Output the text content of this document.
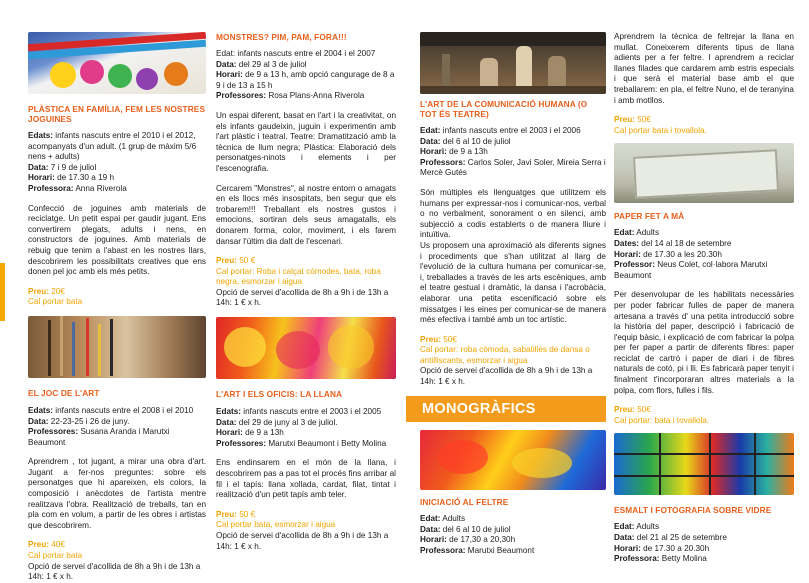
PLÀSTICA EN FAMÍLIA, FEM LES NOSTRES JOGUINES
Edats: infants nascuts entre el 2010 i el 2012, acompanyats d'un adult. (1 grup de màxim 5/6 nens + adults)
Data: 7 i 9 de juliol
Horari: de 17.30 a 19 h
Professora: Anna Riverola
Confecció de joguines amb materials de reciclatge. Un petit espai per gaudir jugant. Ens convertirem plegats, adults i nens, en constructors de joguines. Amb materials de rebuig que tenim a l'abast en les nostres llars, descobrirem les possibilitats creatives que ens donen pel joc amb els més petits.
Preu: 20€
Cal portar bata
EL JOC DE L'ART
Edats: infants nascuts entre el 2008 i el 2010
Data: 22-23-25 i 26 de juny.
Professores: Susana Aranda i Marutxi Beaumont
Aprendrem , tot jugant, a mirar una obra d'art. Jugant a fer-nos preguntes: sobre els personatges que hi apareixen, els colors, la composició i anècdotes de l'artista mentre realitzava l'obra. Realització de treballs, tan en pla com en volum, a partir de les obres i artistas que descobrirem.
Preu: 40€
Cal portar bata
Opció de servei d'acollida de 8h a 9h i de 13h a 14h: 1 € x h.
MONSTRES? PIM, PAM, FORA!!!
Edat: infants nascuts entre el 2004 i el 2007
Data: del 29 al 3 de juliol
Horari: de 9 a 13 h, amb opció cangurage de 8 a 9 i de 13 a 15 h
Professores: Rosa Plans-Anna Riverola
Un espai diferent, basat en l'art i la creativitat, on els infants gaudeixin, juguin i experimentin amb l'art plàstic i teatral. Teatre: Dramatització amb la tècnica de llum negra; Plàstica: Elaboració dels personatges-ninots i elements i per l'escenografia.
Cercarem "Monstres", al nostre entorn o amagats en els llocs més insospitats, ben segur que els trobarem!!! Treballant els nostres gustos i emocions, sortiran dels seus amagatalls, els donarem forma, color, moviment, i els farem dansar l'últim dia dalt de l'escenari.
Preu: 50 €
Cal portar: Roba i calçat còmodes, bata, roba negra, esmorzar i aigua
Opció de servei d'acollida de 8h a 9h i de 13h a 14h: 1 € x h.
L'ART I ELS OFICIS: LA LLANA
Edats: infants nascuts entre el 2003 i el 2005
Data: del 29 de juny al 3 de juliol.
Horari: de 9 a 13h
Professores: Marutxi Beaumont i Betty Molina
Ens endinsarem en el món de la llana, i descobrirem pas a pas tot el procés fins arribar al fil i el tapís: llana xollada, cardat, filat, tintat i realització d'un petit tapís amb teler.
Preu: 50 €
Cal portar bata, esmorzar i aigua
Opció de servei d'acollida de 8h a 9h i de 13h a 14h: 1 € x h.
L'ART DE LA COMUNICACIÓ HUMANA (O TOT ÉS TEATRE)
Edat: infants nascuts entre el 2003 i el 2006
Data: del 6 al 10 de juliol
Horari: de 9 a 13h
Professors: Carlos Soler, Javi Soler, Mireia Serra i Mercè Gutés
Són múltiples els llenguatges que utilitzem els humans per expressar-nos i comunicar-nos, verbal o no verbalment, sonorament o en silenci, amb subjecció a codis establerts o de manera lliure i intuïtiva.
Us proposem una aproximació als diferents signes i procediments que s'han utilitzat al llarg de l'evolució de la cultura humana per comunicar-se, i, treballades a través de les arts escèniques, amb el teatre gestual i dramàtic, la dansa i l'acrobàcia, elaborar una petita escenificació sobre els missatges i les eines per comunicar-se de manera més efectiva i també amb un toc artístic.
Preu: 50€
Cal portar: roba còmoda, sabatilles de dansa o antilliscants, esmorzar i aigua
Opció de servei d'acollida de 8h a 9h i de 13h a 14h: 1 € x h.
MONOGRÀFICS
INICIACIÓ AL FELTRE
Edat: Adults
Data: del 6 al 10 de juliol
Horari: de 17,30 a 20,30h
Professora: Marutxi Beaumont
Aprendrem la tècnica de feltrejar la llana en mullat. Coneixerem diferents tipus de llana adients per a fer feltre. I aprendrem a reciclar llanes filades que cardarem amb estris especials i que serà el material base amb el que treballarem: en pla, el feltre Nuno, el de teranyina i amb motllos.
Preu: 50€
Cal portar bata i tovallola.
PAPER FET A MÀ
Edat: Adults
Dates: del 14 al 18 de setembre
Horari: de 17.30 a les 20.30h
Professor: Neus Colet, col·labora Marutxi Beaumont
Per desenvolupar de les habilitats necessàries per poder fabricar fulles de paper de manera artesana a través d' una petita introducció sobre la història del paper, descripció i fabricació de l'equip bàsic, i explicació de com fabricar la polpa per fer paper a partir de diferents fibres: paper reciclat de cartró i paper de diari i de fibres naturals de cotó, pi i lli. Es fabricarà paper tenyit i finalment t'incorporaran altres materials a la polpa, com flors, fulles i fils.
Preu: 50€
Cal portar: bata i tovallola.
ESMALT I FOTOGRAFIA SOBRE VIDRE
Edat: Adults
Data: del 21 al 25 de setembre
Horari: de 17.30 a 20.30h
Professora: Betty Molina
